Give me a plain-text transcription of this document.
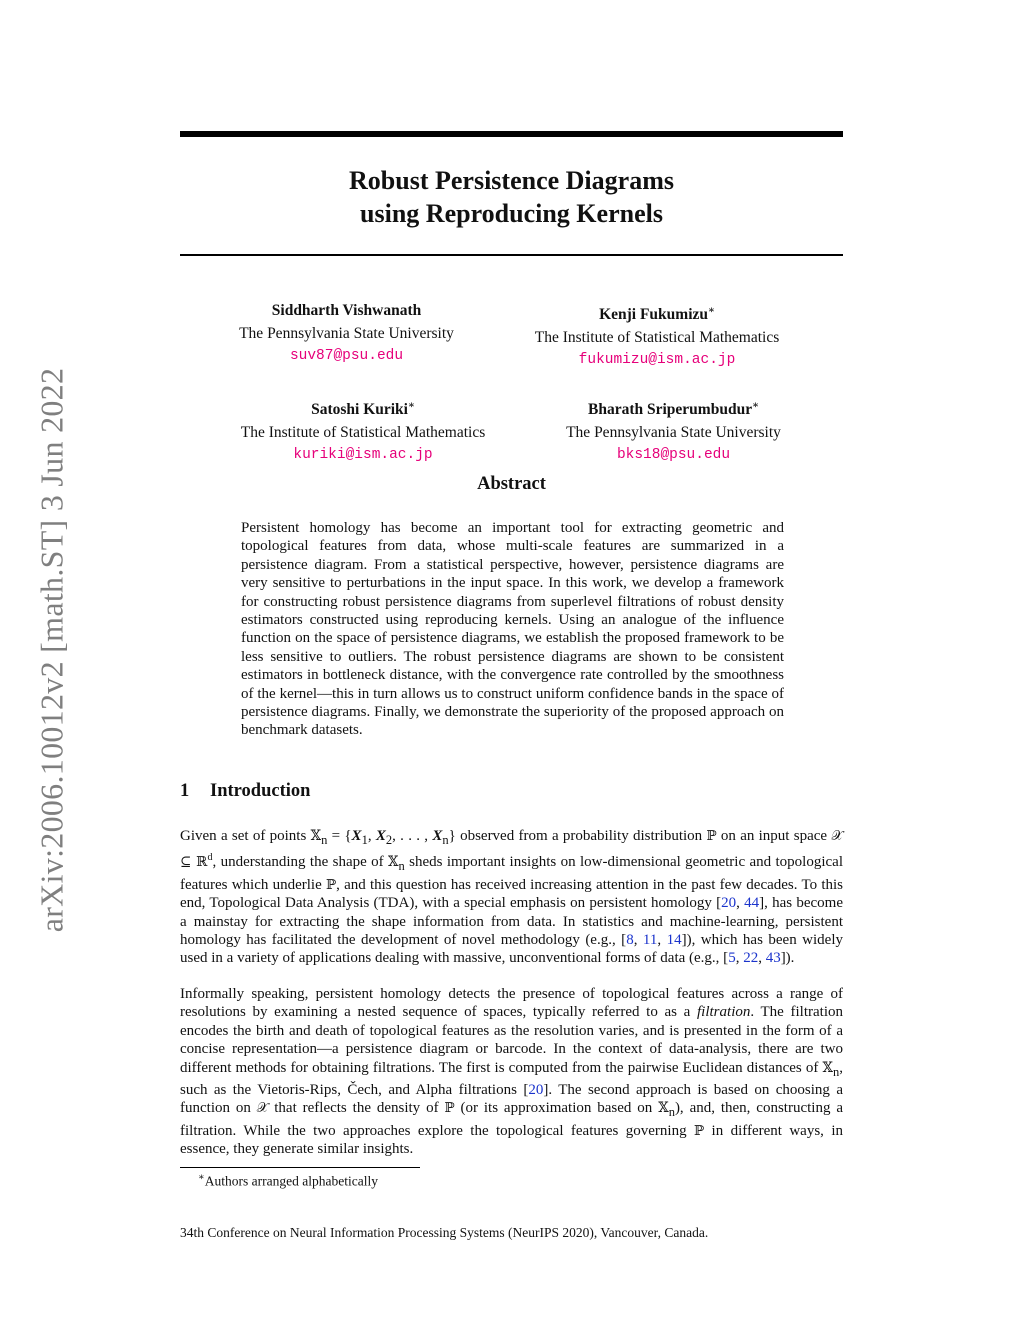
arXiv:2006.10012v2 [math.ST] 3 Jun 2022
Robust Persistence Diagrams
using Reproducing Kernels
Siddharth Vishwanath
The Pennsylvania State University
suv87@psu.edu
Kenji Fukumizu∗
The Institute of Statistical Mathematics
fukumizu@ism.ac.jp
Satoshi Kuriki∗
The Institute of Statistical Mathematics
kuriki@ism.ac.jp
Bharath Sriperumbudur∗
The Pennsylvania State University
bks18@psu.edu
Abstract
Persistent homology has become an important tool for extracting geometric and topological features from data, whose multi-scale features are summarized in a persistence diagram. From a statistical perspective, however, persistence diagrams are very sensitive to perturbations in the input space. In this work, we develop a framework for constructing robust persistence diagrams from superlevel filtrations of robust density estimators constructed using reproducing kernels. Using an analogue of the influence function on the space of persistence diagrams, we establish the proposed framework to be less sensitive to outliers. The robust persistence diagrams are shown to be consistent estimators in bottleneck distance, with the convergence rate controlled by the smoothness of the kernel—this in turn allows us to construct uniform confidence bands in the space of persistence diagrams. Finally, we demonstrate the superiority of the proposed approach on benchmark datasets.
1 Introduction
Given a set of points 𝕏$_n$ = {$X_1$, $X_2$, . . . , $X_n$} observed from a probability distribution ℙ on an input space 𝒳 ⊆ ℝ$^d$, understanding the shape of 𝕏$_n$ sheds important insights on low-dimensional geometric and topological features which underlie ℙ, and this question has received increasing attention in the past few decades. To this end, Topological Data Analysis (TDA), with a special emphasis on persistent homology [20, 44], has become a mainstay for extracting the shape information from data. In statistics and machine-learning, persistent homology has facilitated the development of novel methodology (e.g., [8, 11, 14]), which has been widely used in a variety of applications dealing with massive, unconventional forms of data (e.g., [5, 22, 43]).
Informally speaking, persistent homology detects the presence of topological features across a range of resolutions by examining a nested sequence of spaces, typically referred to as a filtration. The filtration encodes the birth and death of topological features as the resolution varies, and is presented in the form of a concise representation—a persistence diagram or barcode. In the context of data-analysis, there are two different methods for obtaining filtrations. The first is computed from the pairwise Euclidean distances of 𝕏$_n$, such as the Vietoris-Rips, Čech, and Alpha filtrations [20]. The second approach is based on choosing a function on 𝒳 that reflects the density of ℙ (or its approximation based on 𝕏$_n$), and, then, constructing a filtration. While the two approaches explore the topological features governing ℙ in different ways, in essence, they generate similar insights.
∗Authors arranged alphabetically
34th Conference on Neural Information Processing Systems (NeurIPS 2020), Vancouver, Canada.
